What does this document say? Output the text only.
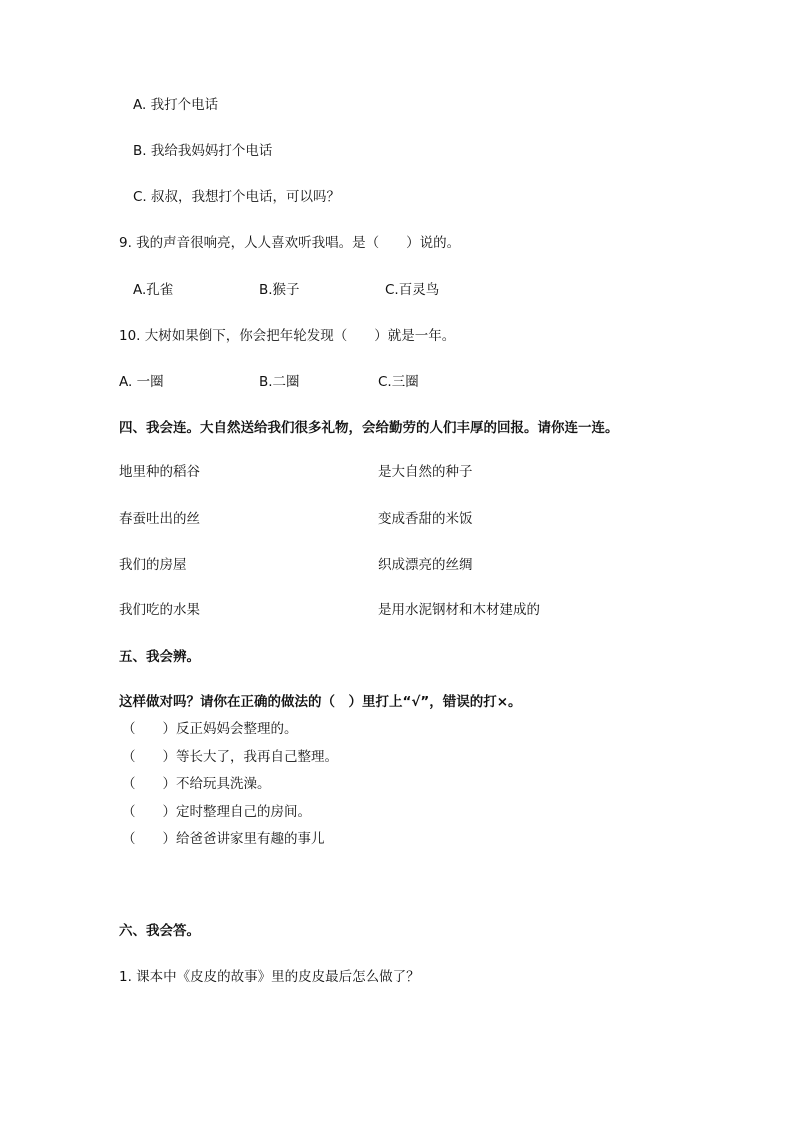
A. 我打个电话
B. 我给我妈妈打个电话
C. 叔叔，我想打个电话，可以吗？
9. 我的声音很响亮，人人喜欢听我唱。是（　　）说的。
A.孔雀	B.猴子	C.百灵鸟
10. 大树如果倒下，你会把年轮发现（　　）就是一年。
A. 一圈	B.二圈	C.三圈
四、我会连。大自然送给我们很多礼物，会给勤劳的人们丰厚的回报。请你连一连。
地里种的稻谷	是大自然的种子
春蚕吐出的丝	变成香甜的米饭
我们的房屋	织成漂亮的丝绸
我们吃的水果	是用水泥钢材和木材建成的
五、我会辨。
这样做对吗？请你在正确的做法的（　）里打上“√”，错误的打×。
（　　）反正妈妈会整理的。
（　　）等长大了，我再自己整理。
（　　）不给玩具洗澡。
（　　）定时整理自己的房间。
（　　）给爸爸讲家里有趣的事儿
六、我会答。
1. 课本中《皮皮的故事》里的皮皮最后怎么做了？
